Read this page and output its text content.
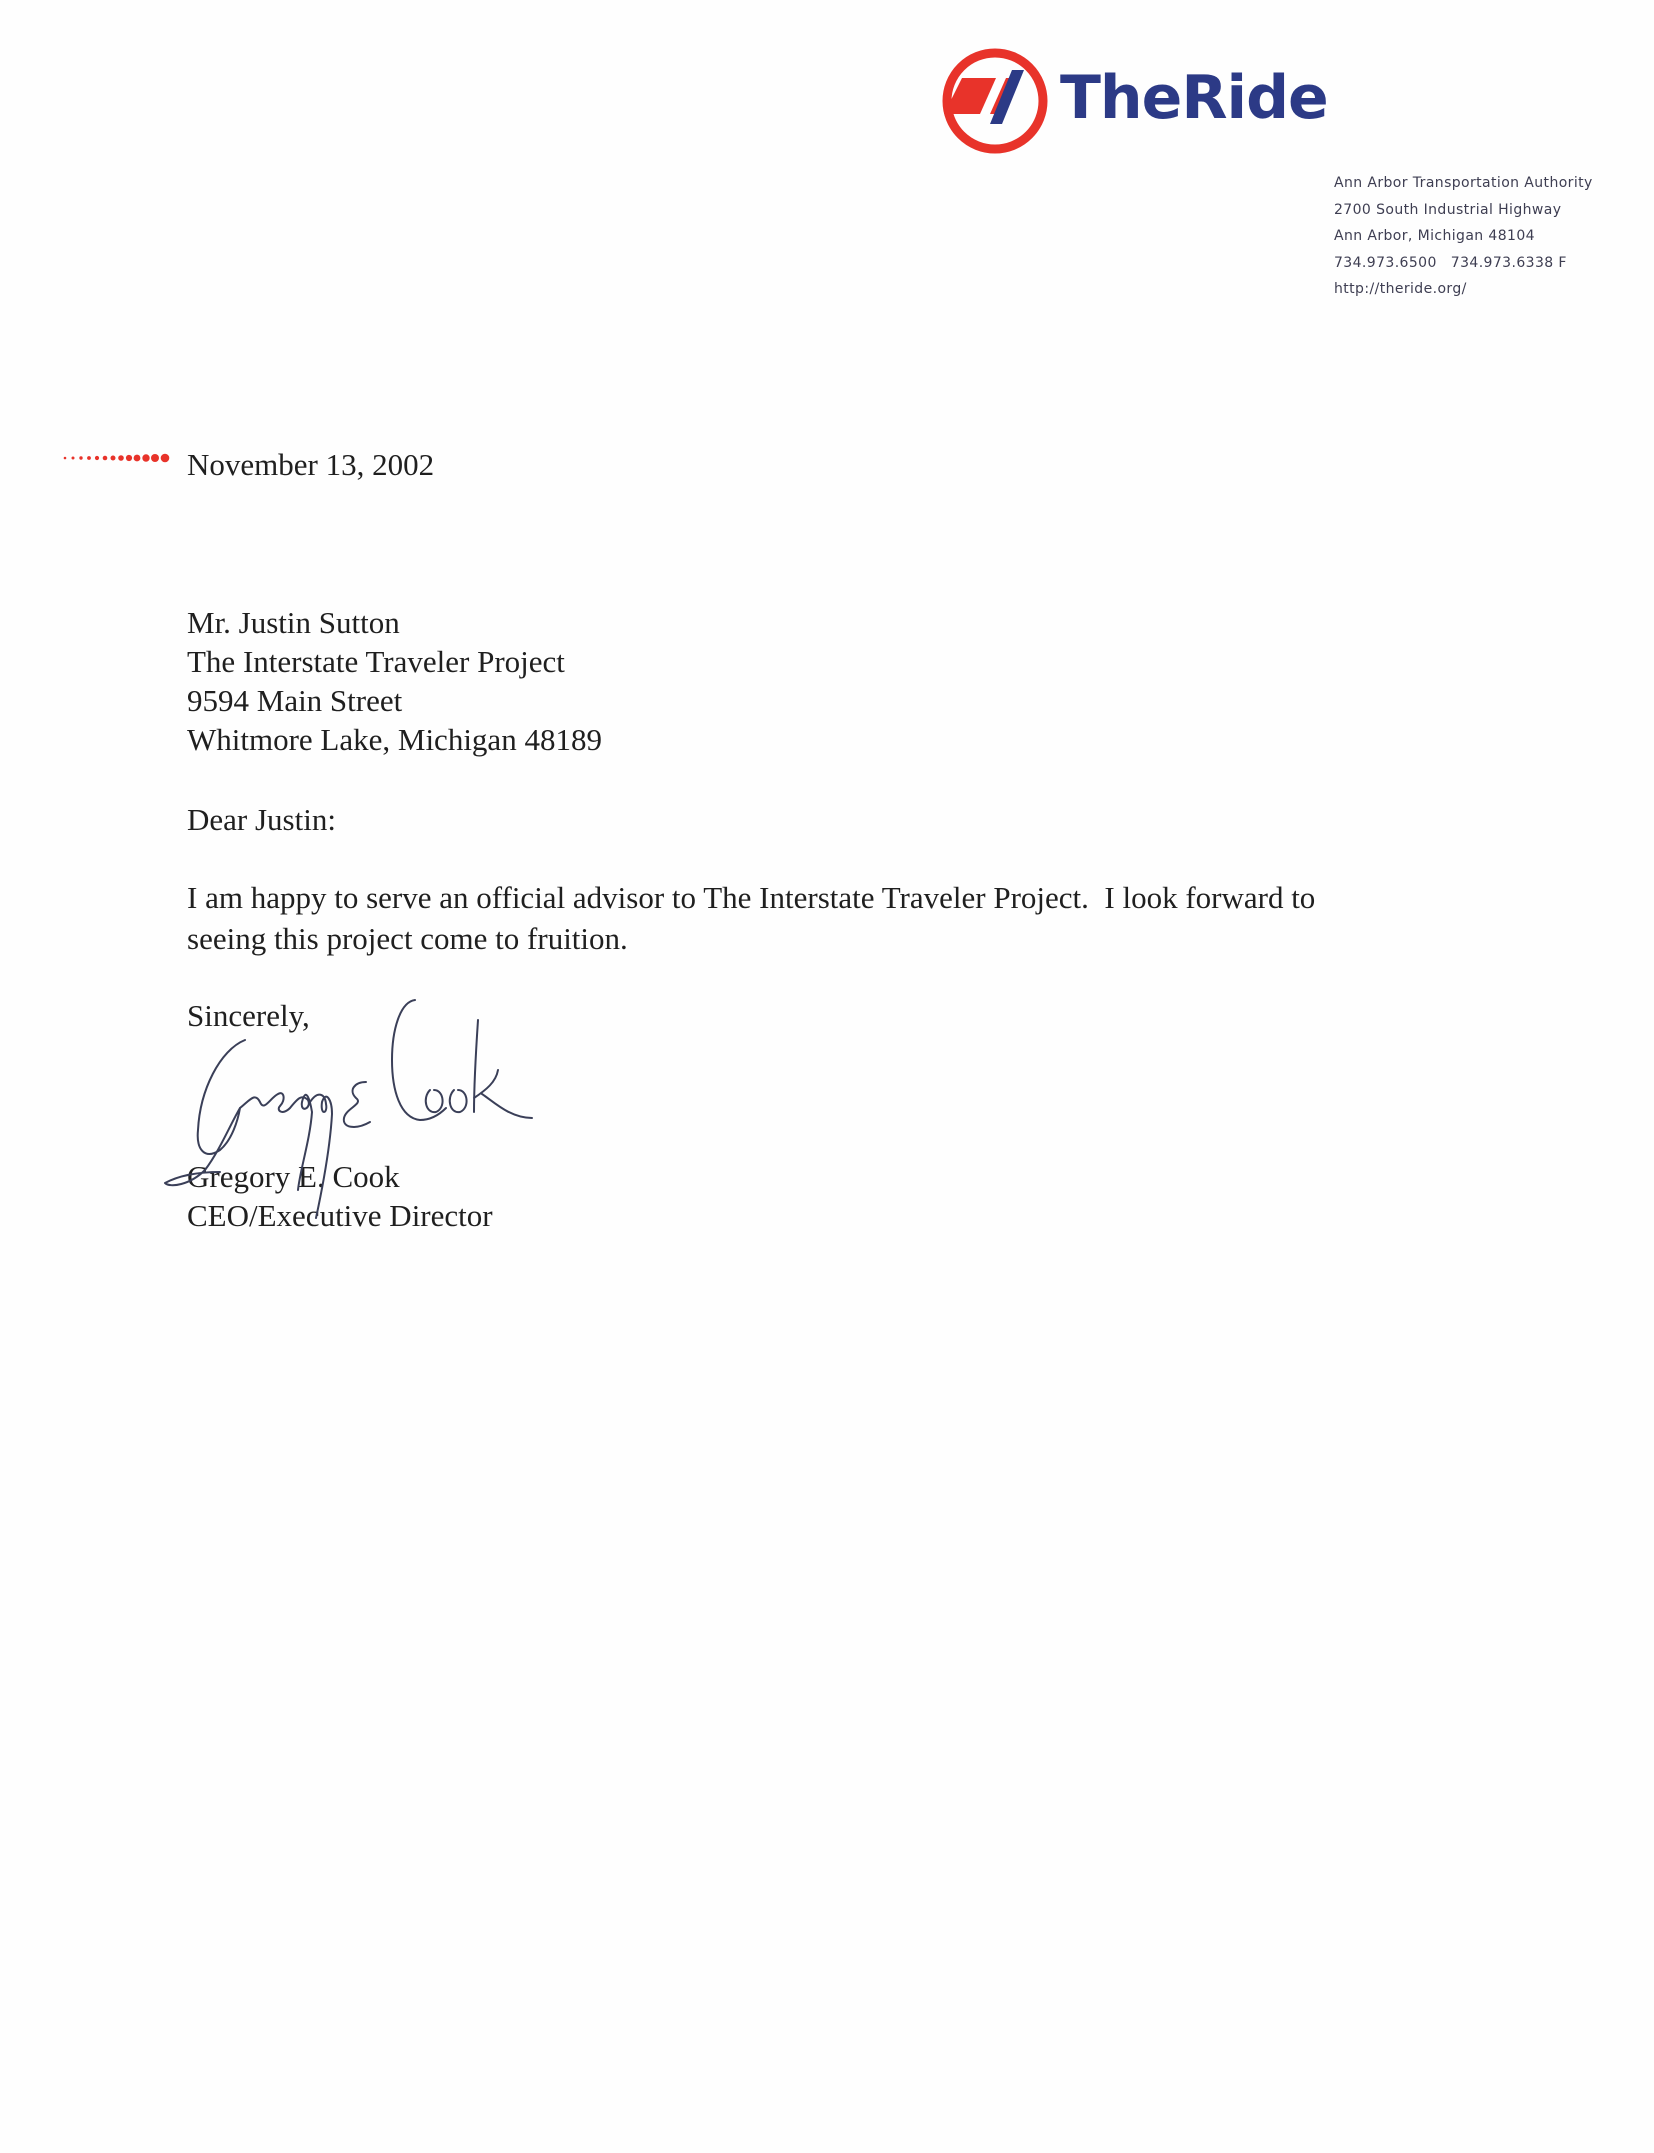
TheRide
Ann Arbor Transportation Authority
2700 South Industrial Highway
Ann Arbor, Michigan 48104
734.973.6500 734.973.6338 F
http://theride.org/
November 13, 2002
Mr. Justin Sutton
The Interstate Traveler Project
9594 Main Street
Whitmore Lake, Michigan 48189
Dear Justin:
I am happy to serve an official advisor to The Interstate Traveler Project.  I look forward to
seeing this project come to fruition.
Sincerely,
Gregory E. Cook
CEO/Executive Director
